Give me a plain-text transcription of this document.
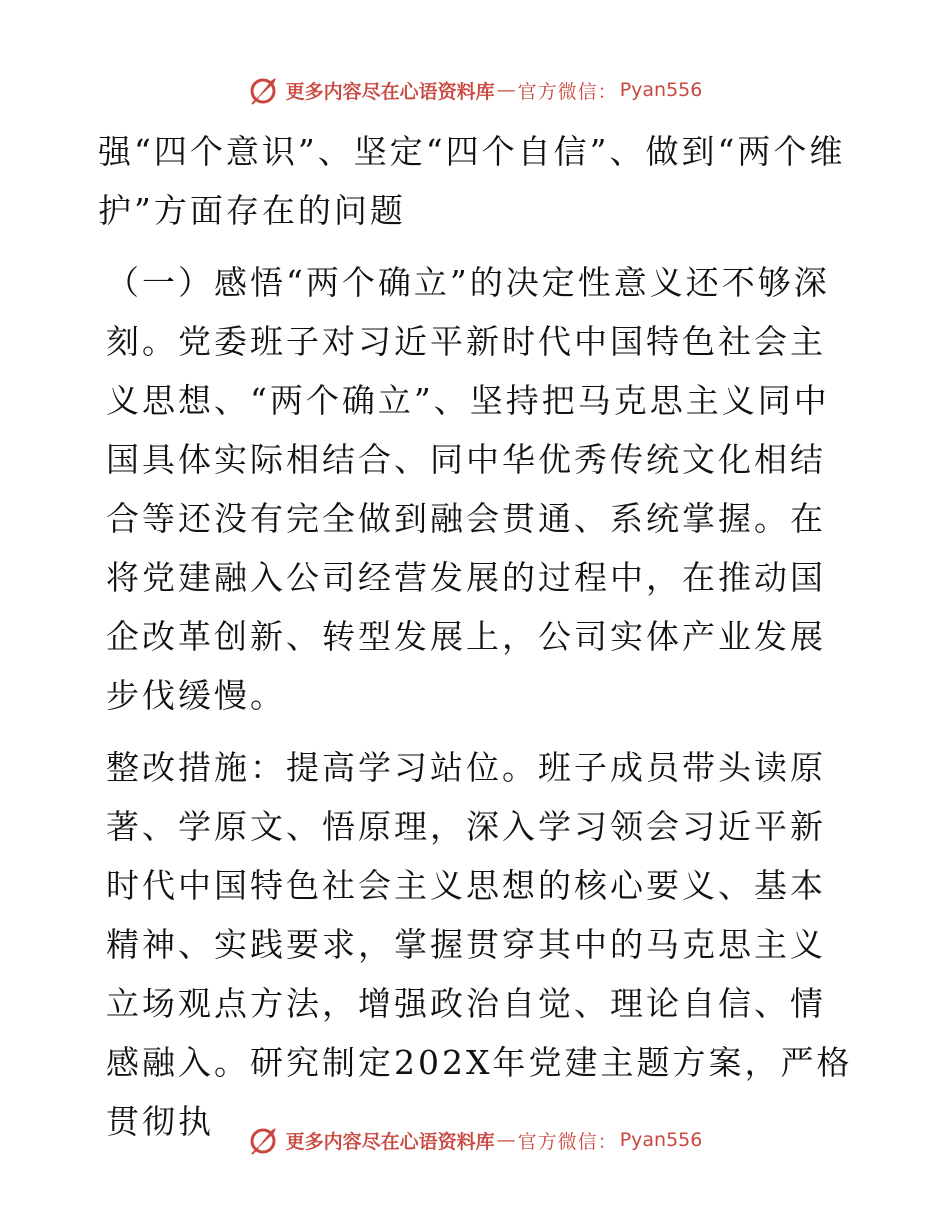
更多内容尽在心语资料库 — 官方微信： Pyan556

强“四个意识”、坚定“四个自信”、做到“两个维护”方面存在的问题

（一）感悟“两个确立”的决定性意义还不够深刻。党委班子对习近平新时代中国特色社会主义思想、“两个确立”、坚持把马克思主义同中国具体实际相结合、同中华优秀传统文化相结合等还没有完全做到融会贯通、系统掌握。在将党建融入公司经营发展的过程中，在推动国企改革创新、转型发展上，公司实体产业发展步伐缓慢。

整改措施：提高学习站位。班子成员带头读原著、学原文、悟原理，深入学习领会习近平新时代中国特色社会主义思想的核心要义、基本精神、实践要求，掌握贯穿其中的马克思主义立场观点方法，增强政治自觉、理论自信、情感融入。研究制定202X年党建主题方案，严格贯彻执

更多内容尽在心语资料库 — 官方微信： Pyan556
